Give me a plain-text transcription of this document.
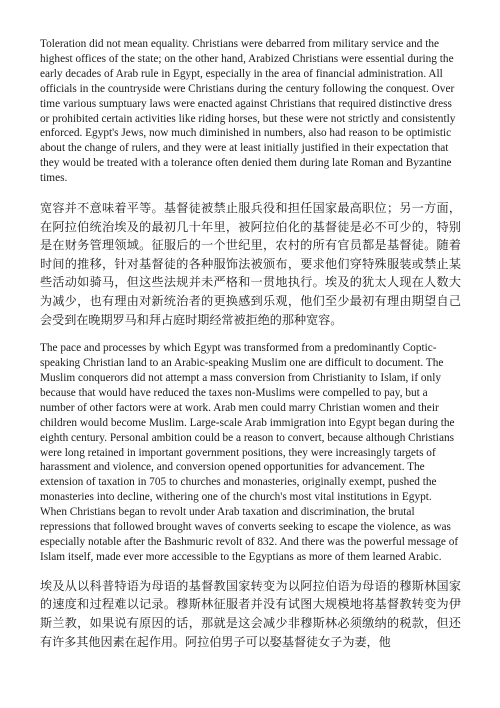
Toleration did not mean equality. Christians were debarred from military service and the highest offices of the state; on the other hand, Arabized Christians were essential during the early decades of Arab rule in Egypt, especially in the area of financial administration. All officials in the countryside were Christians during the century following the conquest. Over time various sumptuary laws were enacted against Christians that required distinctive dress or prohibited certain activities like riding horses, but these were not strictly and consistently enforced. Egypt's Jews, now much diminished in numbers, also had reason to be optimistic about the change of rulers, and they were at least initially justified in their expectation that they would be treated with a tolerance often denied them during late Roman and Byzantine times.

宽容并不意味着平等。基督徒被禁止服兵役和担任国家最高职位；另一方面，在阿拉伯统治埃及的最初几十年里，被阿拉伯化的基督徒是必不可少的，特别是在财务管理领域。征服后的一个世纪里，农村的所有官员都是基督徒。随着时间的推移，针对基督徒的各种服饰法被颁布，要求他们穿特殊服装或禁止某些活动如骑马，但这些法规并未严格和一贯地执行。埃及的犹太人现在人数大为减少，也有理由对新统治者的更换感到乐观，他们至少最初有理由期望自己会受到在晚期罗马和拜占庭时期经常被拒绝的那种宽容。

The pace and processes by which Egypt was transformed from a predominantly Coptic-speaking Christian land to an Arabic-speaking Muslim one are difficult to document. The Muslim conquerors did not attempt a mass conversion from Christianity to Islam, if only because that would have reduced the taxes non-Muslims were compelled to pay, but a number of other factors were at work. Arab men could marry Christian women and their children would become Muslim. Large-scale Arab immigration into Egypt began during the eighth century. Personal ambition could be a reason to convert, because although Christians were long retained in important government positions, they were increasingly targets of harassment and violence, and conversion opened opportunities for advancement. The extension of taxation in 705 to churches and monasteries, originally exempt, pushed the monasteries into decline, withering one of the church's most vital institutions in Egypt. When Christians began to revolt under Arab taxation and discrimination, the brutal repressions that followed brought waves of converts seeking to escape the violence, as was especially notable after the Bashmuric revolt of 832. And there was the powerful message of Islam itself, made ever more accessible to the Egyptians as more of them learned Arabic.

埃及从以科普特语为母语的基督教国家转变为以阿拉伯语为母语的穆斯林国家的速度和过程难以记录。穆斯林征服者并没有试图大规模地将基督教转变为伊斯兰教，如果说有原因的话，那就是这会减少非穆斯林必须缴纳的税款，但还有许多其他因素在起作用。阿拉伯男子可以娶基督徒女子为妻，他
